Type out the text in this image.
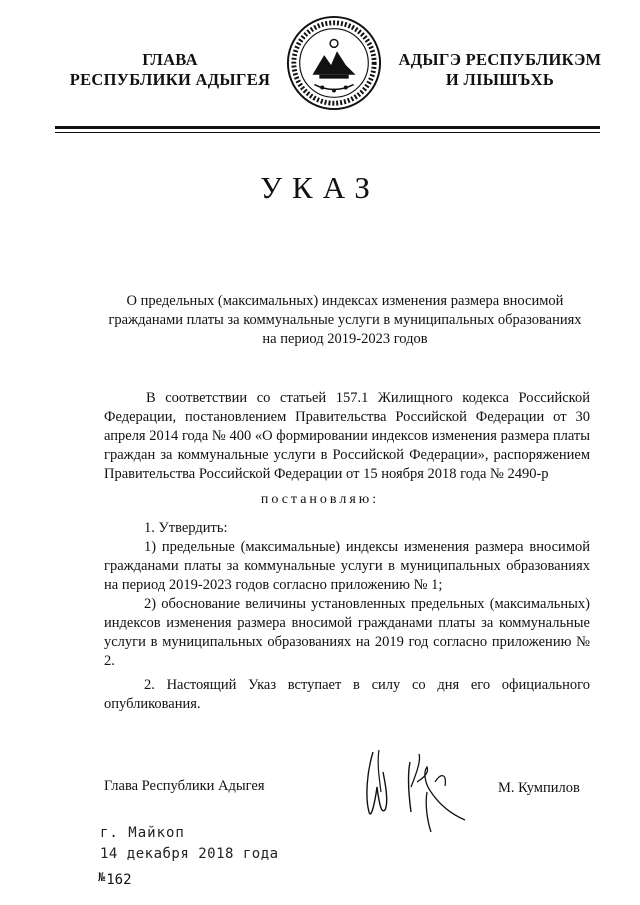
ГЛАВА
РЕСПУБЛИКИ АДЫГЕЯ
АДЫГЭ РЕСПУБЛИКЭМ
И ЛІЫШЪХЬ
УКАЗ
О предельных (максимальных) индексах изменения размера вносимой
гражданами платы за коммунальные услуги в муниципальных образованиях
на период 2019-2023 годов

В соответствии со статьей 157.1 Жилищного кодекса Российской Федерации, постановлением Правительства Российской Федерации от 30 апреля 2014 года № 400 «О формировании индексов изменения размера платы граждан за коммунальные услуги в Российской Федерации», распоряжением Правительства Российской Федерации от 15 ноября 2018 года № 2490-р

постановляю:

1. Утвердить:

1) предельные (максимальные) индексы изменения размера вносимой гражданами платы за коммунальные услуги в муниципальных образованиях на период 2019-2023 годов согласно приложению № 1;

2) обоснование величины установленных предельных (максимальных) индексов изменения размера вносимой гражданами платы за коммунальные услуги в муниципальных образованиях на 2019 год согласно приложению № 2.

2. Настоящий Указ вступает в силу со дня его официального опубликования.

Глава Республики Адыгея	М. Кумпилов
г. Майкоп
14 декабря 2018 года
№162
